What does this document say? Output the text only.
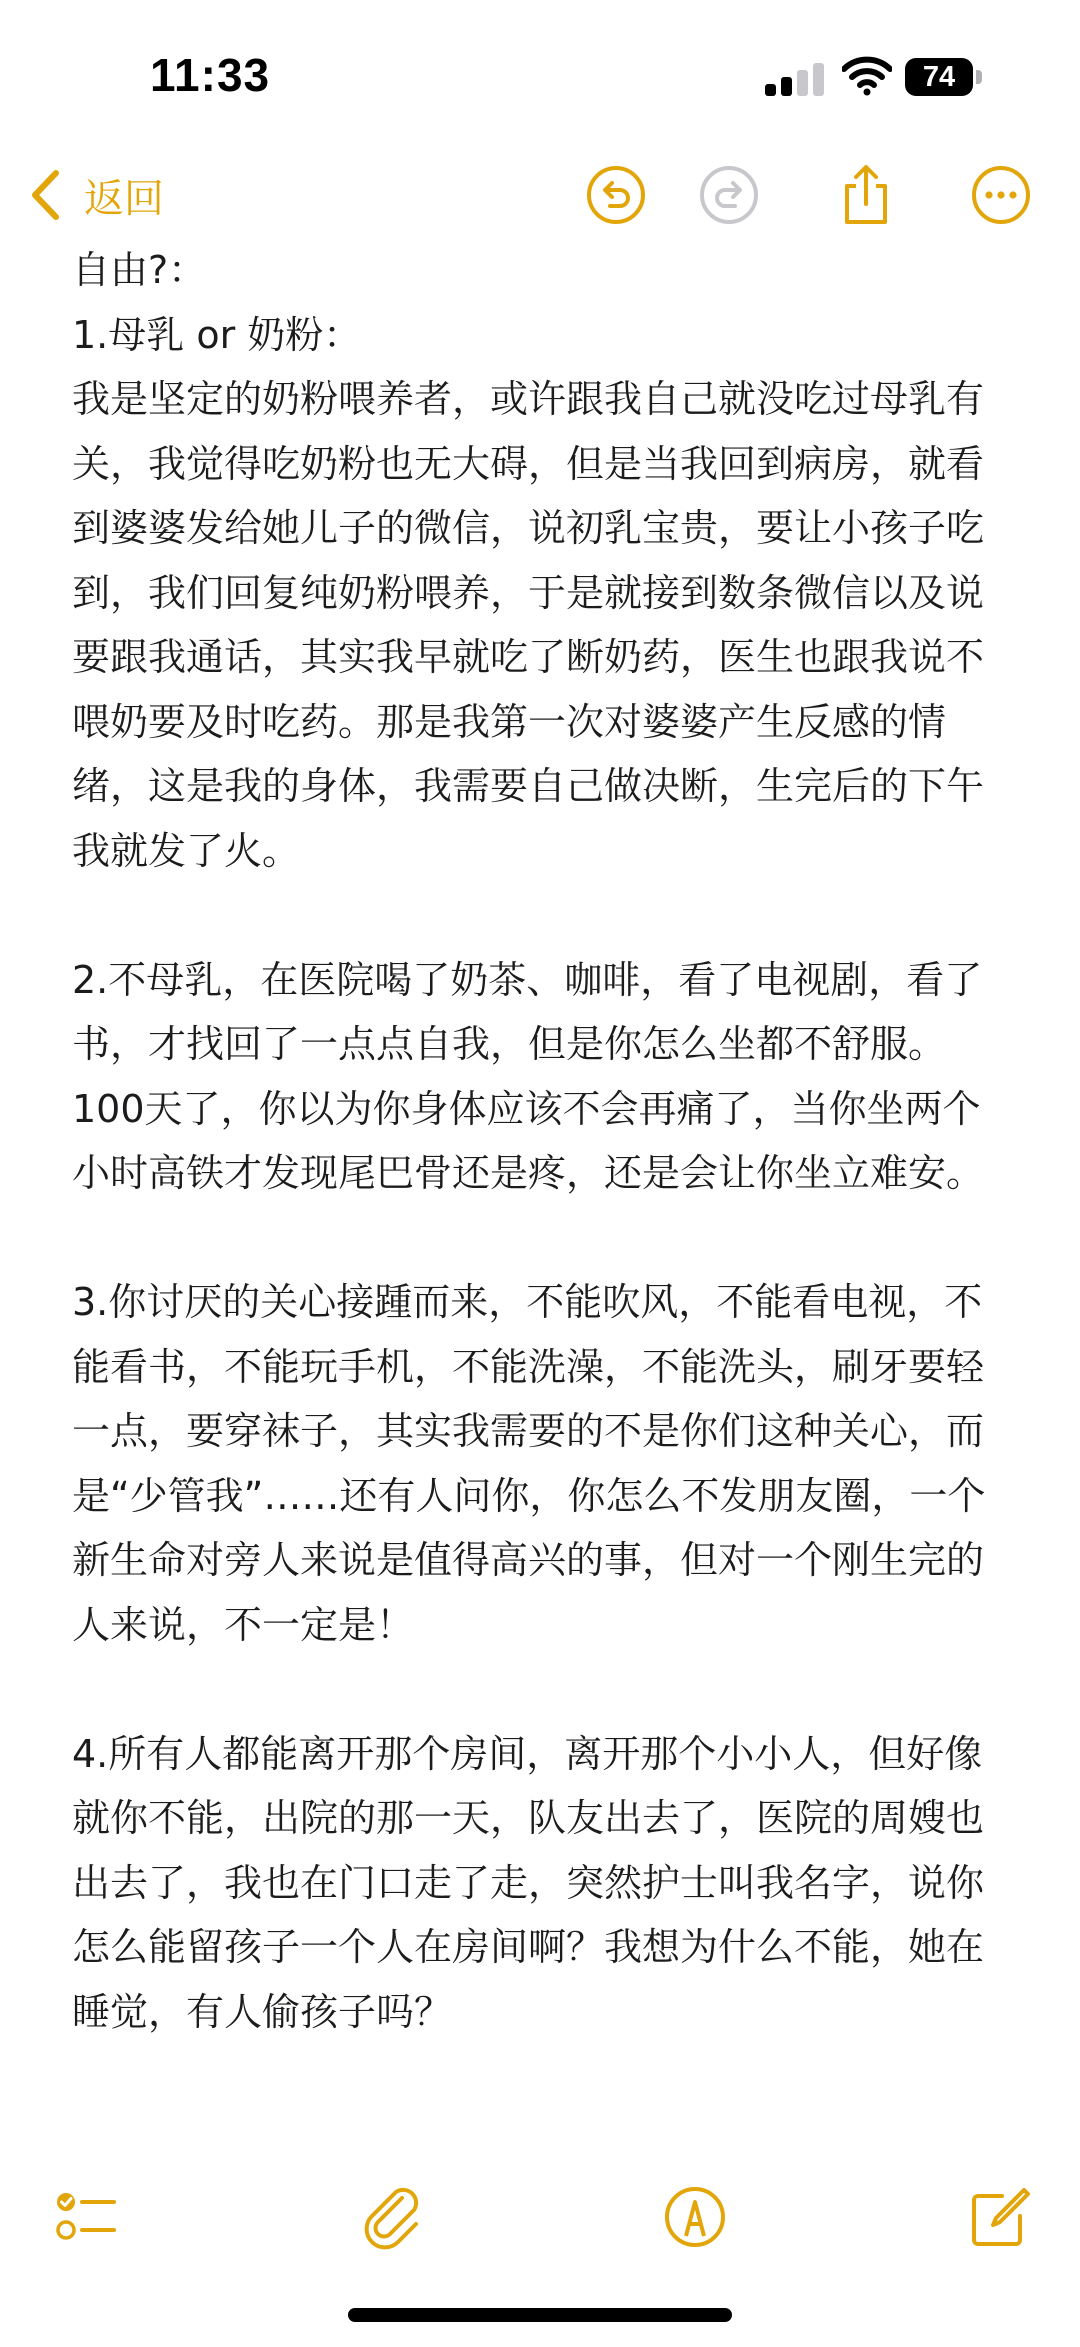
11:33	74
返回

自由?：

1.母乳 or 奶粉：

我是坚定的奶粉喂养者，或许跟我自己就没吃过母乳有关，我觉得吃奶粉也无大碍，但是当我回到病房，就看到婆婆发给她儿子的微信，说初乳宝贵，要让小孩子吃到，我们回复纯奶粉喂养，于是就接到数条微信以及说要跟我通话，其实我早就吃了断奶药，医生也跟我说不喂奶要及时吃药。那是我第一次对婆婆产生反感的情绪，这是我的身体，我需要自己做决断，生完后的下午我就发了火。

2.不母乳，在医院喝了奶茶、咖啡，看了电视剧，看了书，才找回了一点点自我，但是你怎么坐都不舒服。100天了，你以为你身体应该不会再痛了，当你坐两个小时高铁才发现尾巴骨还是疼，还是会让你坐立难安。

3.你讨厌的关心接踵而来，不能吹风，不能看电视，不能看书，不能玩手机，不能洗澡，不能洗头，刷牙要轻一点，要穿袜子，其实我需要的不是你们这种关心，而是“少管我”……还有人问你，你怎么不发朋友圈，一个新生命对旁人来说是值得高兴的事，但对一个刚生完的人来说，不一定是！

4.所有人都能离开那个房间，离开那个小小人，但好像就你不能，出院的那一天，队友出去了，医院的周嫂也出去了，我也在门口走了走，突然护士叫我名字，说你怎么能留孩子一个人在房间啊？我想为什么不能，她在睡觉，有人偷孩子吗？
